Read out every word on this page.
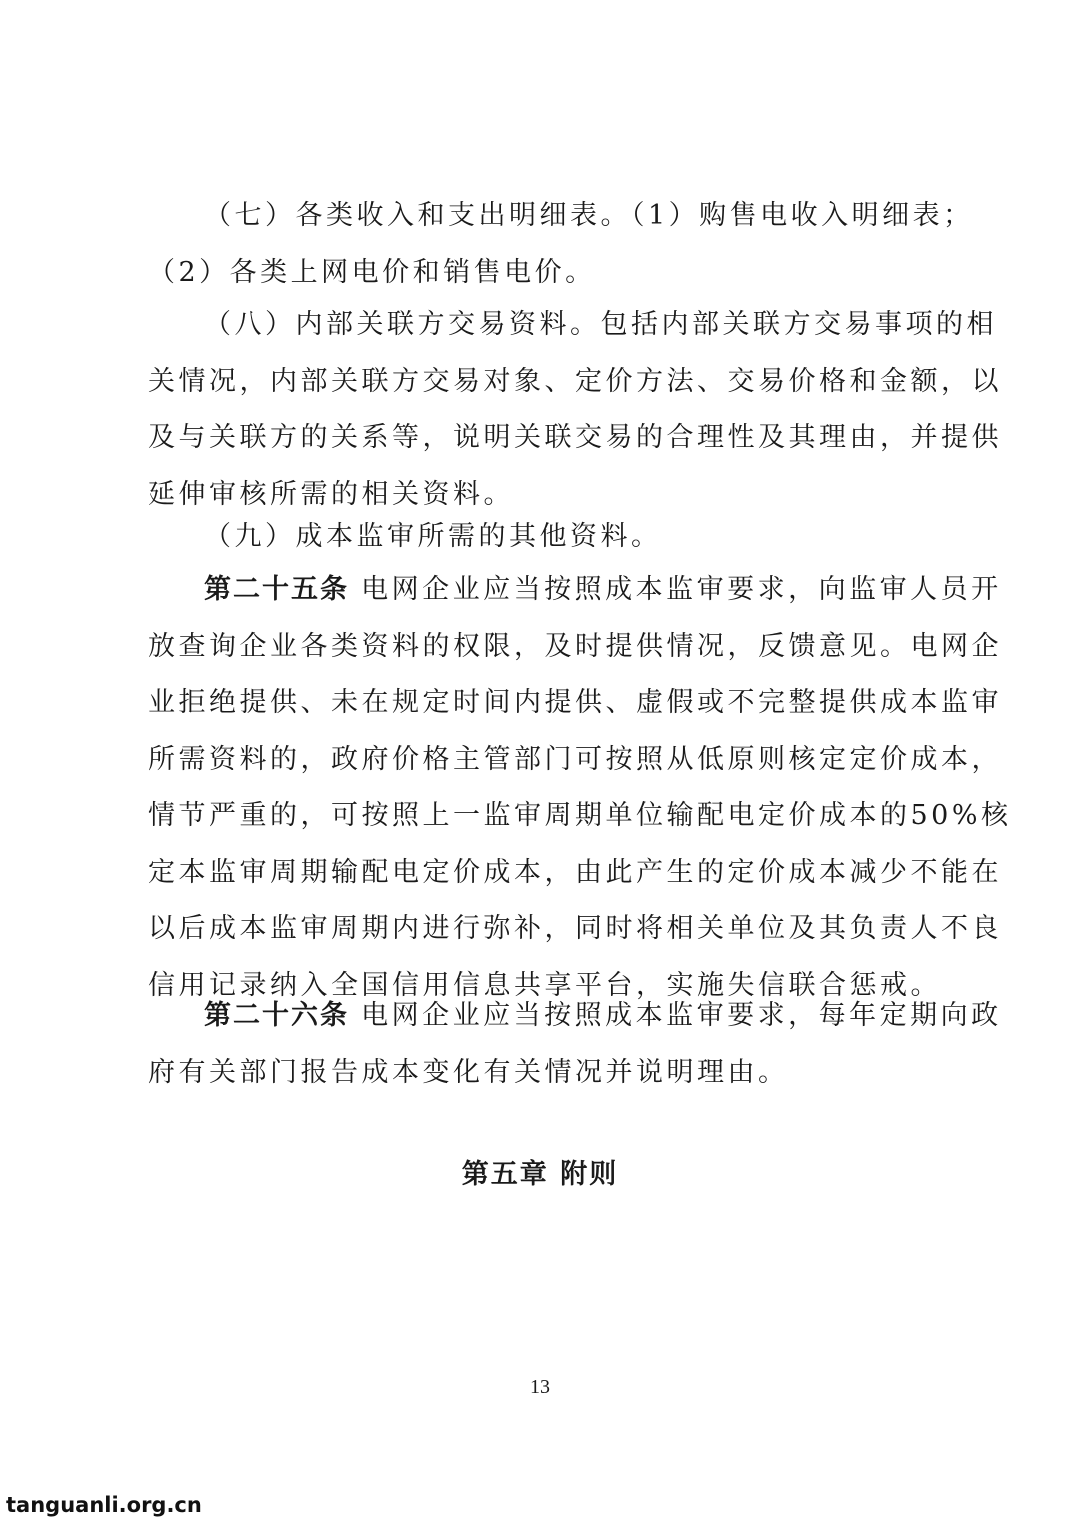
（七）各类收入和支出明细表。（1）购售电收入明细表；
（2）各类上网电价和销售电价。
（八）内部关联方交易资料。包括内部关联方交易事项的相
关情况，内部关联方交易对象、定价方法、交易价格和金额，以
及与关联方的关系等，说明关联交易的合理性及其理由，并提供
延伸审核所需的相关资料。
（九）成本监审所需的其他资料。
第二十五条 电网企业应当按照成本监审要求，向监审人员开
放查询企业各类资料的权限，及时提供情况，反馈意见。电网企
业拒绝提供、未在规定时间内提供、虚假或不完整提供成本监审
所需资料的，政府价格主管部门可按照从低原则核定定价成本，
情节严重的，可按照上一监审周期单位输配电定价成本的50%核
定本监审周期输配电定价成本，由此产生的定价成本减少不能在
以后成本监审周期内进行弥补，同时将相关单位及其负责人不良
信用记录纳入全国信用信息共享平台，实施失信联合惩戒。
第二十六条 电网企业应当按照成本监审要求，每年定期向政
府有关部门报告成本变化有关情况并说明理由。
第五章 附则
13
tanguanli.org.cn
